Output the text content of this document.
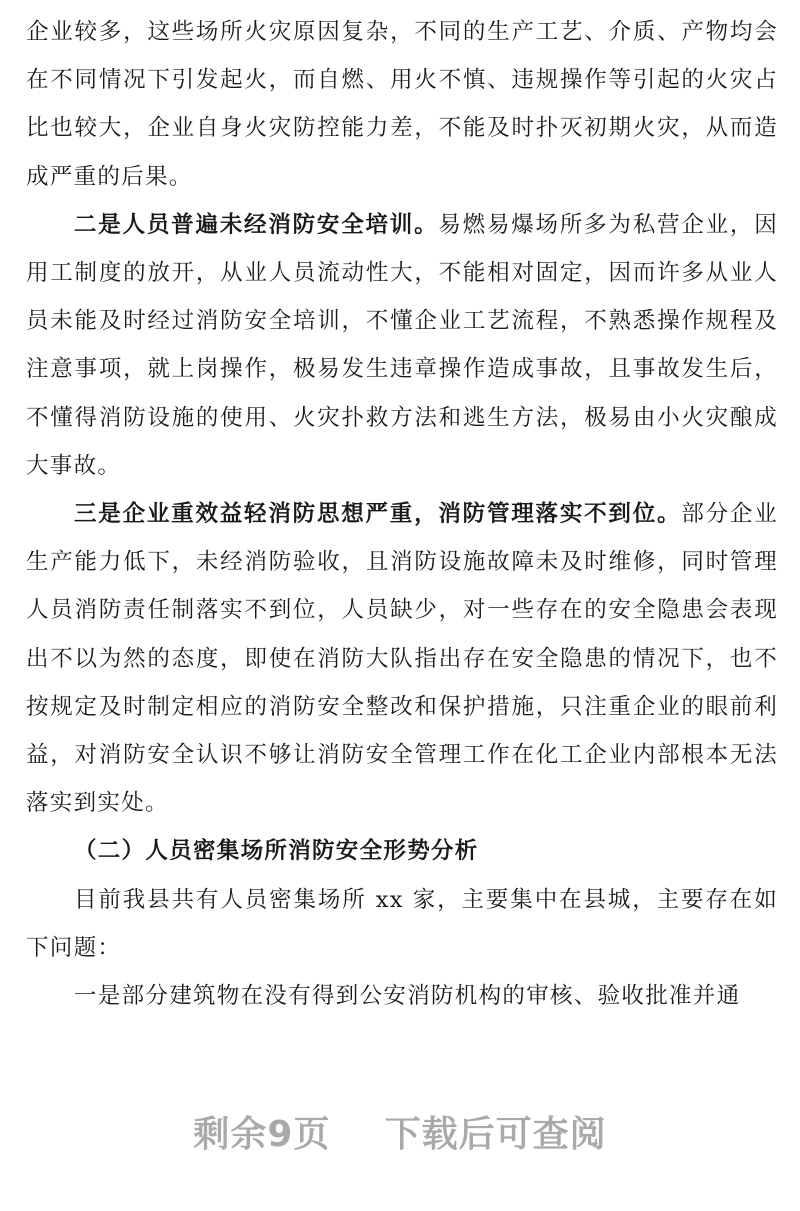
企业较多，这些场所火灾原因复杂，不同的生产工艺、介质、产物均会在不同情况下引发起火，而自燃、用火不慎、违规操作等引起的火灾占比也较大，企业自身火灾防控能力差，不能及时扑灭初期火灾，从而造成严重的后果。

二是人员普遍未经消防安全培训。易燃易爆场所多为私营企业，因用工制度的放开，从业人员流动性大，不能相对固定，因而许多从业人员未能及时经过消防安全培训，不懂企业工艺流程，不熟悉操作规程及注意事项，就上岗操作，极易发生违章操作造成事故，且事故发生后，不懂得消防设施的使用、火灾扑救方法和逃生方法，极易由小火灾酿成大事故。

三是企业重效益轻消防思想严重，消防管理落实不到位。部分企业生产能力低下，未经消防验收，且消防设施故障未及时维修，同时管理人员消防责任制落实不到位，人员缺少，对一些存在的安全隐患会表现出不以为然的态度，即使在消防大队指出存在安全隐患的情况下，也不按规定及时制定相应的消防安全整改和保护措施，只注重企业的眼前利益，对消防安全认识不够让消防安全管理工作在化工企业内部根本无法落实到实处。

（二）人员密集场所消防安全形势分析

目前我县共有人员密集场所 xx 家，主要集中在县城，主要存在如下问题：

一是部分建筑物在没有得到公安消防机构的审核、验收批准并通

剩余9页    下载后可查阅
